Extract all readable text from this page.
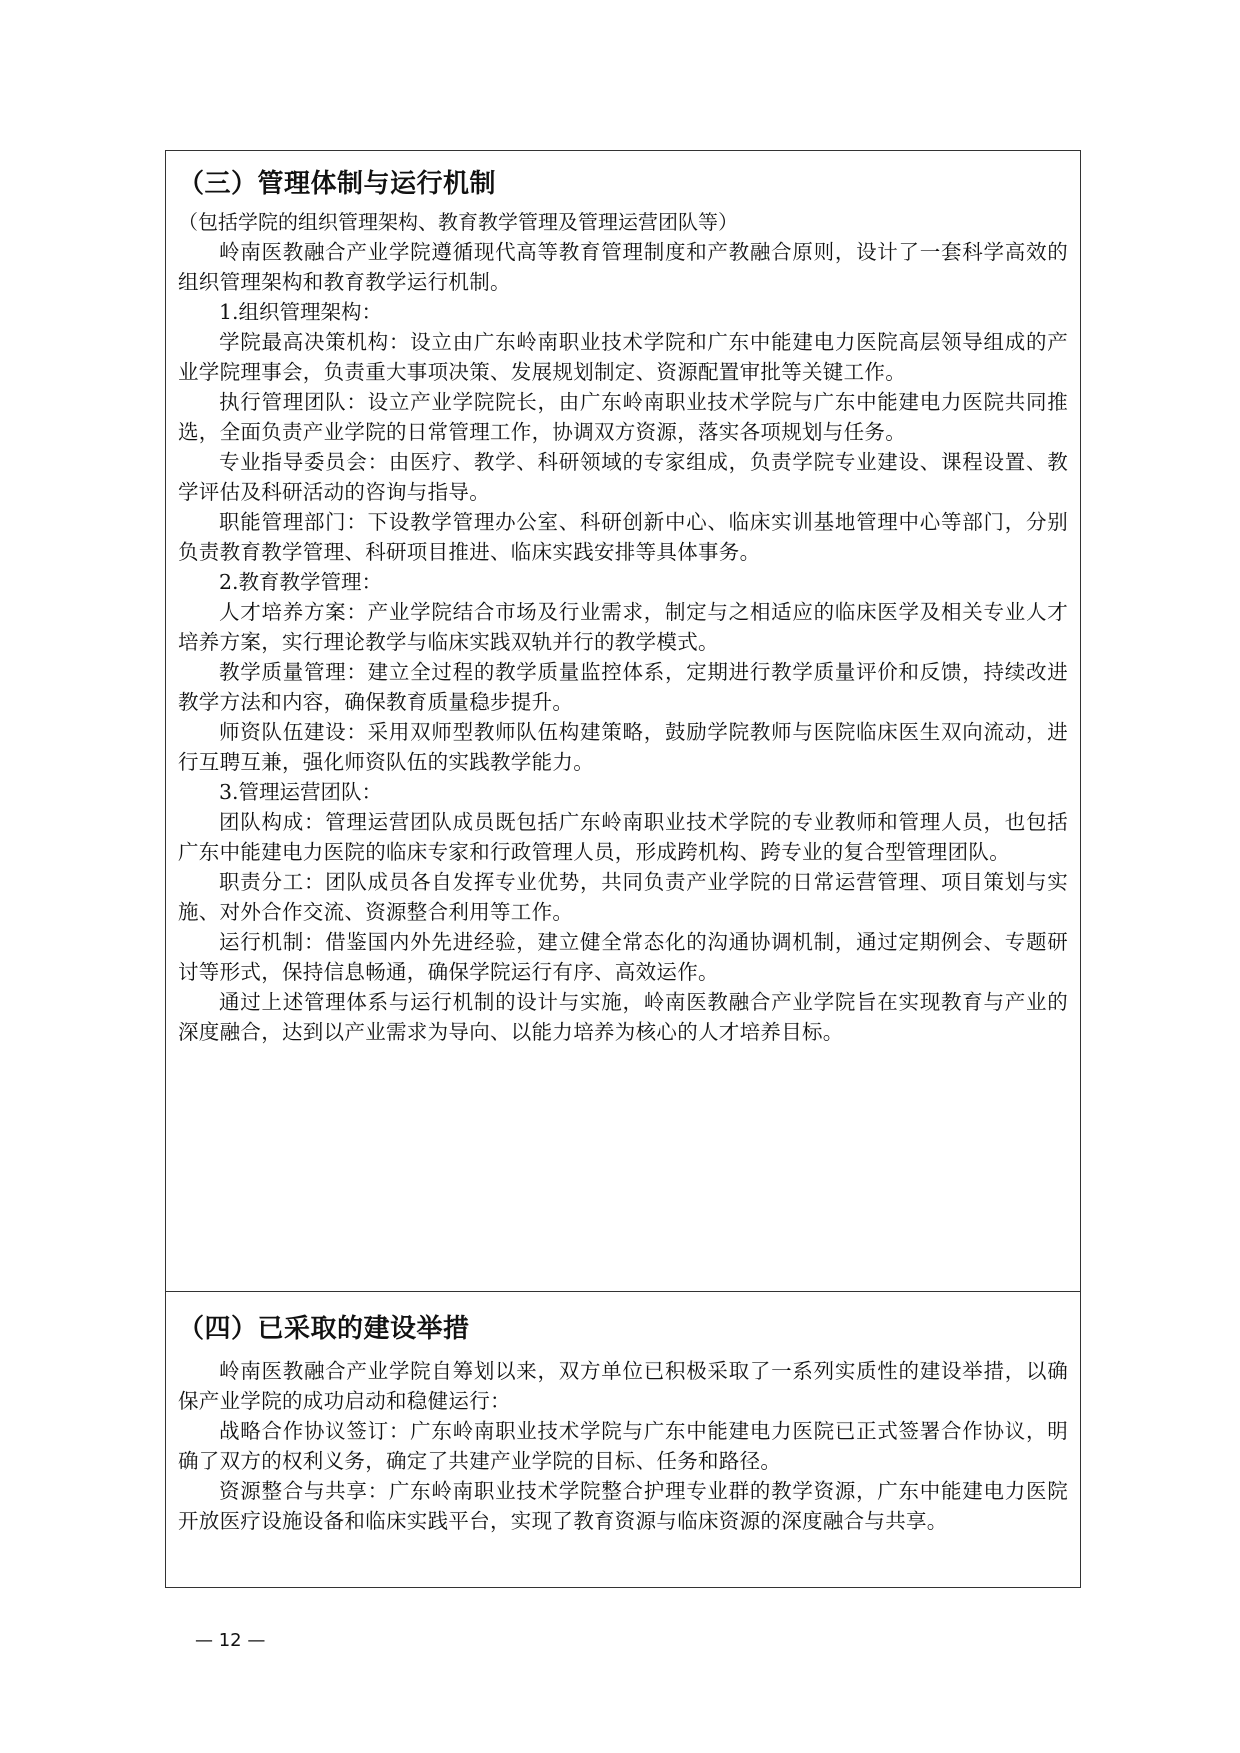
（三）管理体制与运行机制

（包括学院的组织管理架构、教育教学管理及管理运营团队等）

岭南医教融合产业学院遵循现代高等教育管理制度和产教融合原则，设计了一套科学高效的组织管理架构和教育教学运行机制。

1.组织管理架构：

学院最高决策机构：设立由广东岭南职业技术学院和广东中能建电力医院高层领导组成的产业学院理事会，负责重大事项决策、发展规划制定、资源配置审批等关键工作。

执行管理团队：设立产业学院院长，由广东岭南职业技术学院与广东中能建电力医院共同推选，全面负责产业学院的日常管理工作，协调双方资源，落实各项规划与任务。

专业指导委员会：由医疗、教学、科研领域的专家组成，负责学院专业建设、课程设置、教学评估及科研活动的咨询与指导。

职能管理部门：下设教学管理办公室、科研创新中心、临床实训基地管理中心等部门，分别负责教育教学管理、科研项目推进、临床实践安排等具体事务。

2.教育教学管理：

人才培养方案：产业学院结合市场及行业需求，制定与之相适应的临床医学及相关专业人才培养方案，实行理论教学与临床实践双轨并行的教学模式。

教学质量管理：建立全过程的教学质量监控体系，定期进行教学质量评价和反馈，持续改进教学方法和内容，确保教育质量稳步提升。

师资队伍建设：采用双师型教师队伍构建策略，鼓励学院教师与医院临床医生双向流动，进行互聘互兼，强化师资队伍的实践教学能力。

3.管理运营团队：

团队构成：管理运营团队成员既包括广东岭南职业技术学院的专业教师和管理人员，也包括广东中能建电力医院的临床专家和行政管理人员，形成跨机构、跨专业的复合型管理团队。

职责分工：团队成员各自发挥专业优势，共同负责产业学院的日常运营管理、项目策划与实施、对外合作交流、资源整合利用等工作。

运行机制：借鉴国内外先进经验，建立健全常态化的沟通协调机制，通过定期例会、专题研讨等形式，保持信息畅通，确保学院运行有序、高效运作。

通过上述管理体系与运行机制的设计与实施，岭南医教融合产业学院旨在实现教育与产业的深度融合，达到以产业需求为导向、以能力培养为核心的人才培养目标。

（四）已采取的建设举措

岭南医教融合产业学院自筹划以来，双方单位已积极采取了一系列实质性的建设举措，以确保产业学院的成功启动和稳健运行：

战略合作协议签订：广东岭南职业技术学院与广东中能建电力医院已正式签署合作协议，明确了双方的权利义务，确定了共建产业学院的目标、任务和路径。

资源整合与共享：广东岭南职业技术学院整合护理专业群的教学资源，广东中能建电力医院开放医疗设施设备和临床实践平台，实现了教育资源与临床资源的深度融合与共享。

— 12 —
